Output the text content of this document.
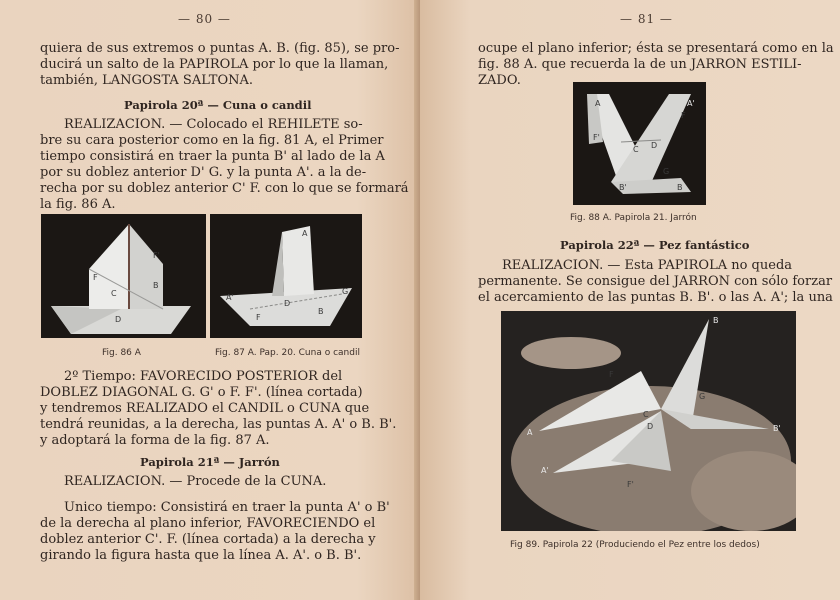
— 80 —
quiera de sus extremos o puntas A. B. (fig. 85), se pro-
ducirá un salto de la PAPIROLA por lo que la llaman,
también, LANGOSTA SALTONA.
Papirola 20ª — Cuna o candil
REALIZACION. — Colocado el REHILETE so-
bre su cara posterior como en la fig. 81 A, el Primer
tiempo consistirá en traer la punta B' al lado de la A
por su doblez anterior D' G. y la punta A'. a la de-
recha por su doblez anterior C' F. con lo que se formará
la fig. 86 A.
F
C
F'
B
D
A
A'
G
D
B
F
Fig. 86 A	Fig. 87 A. Pap. 20. Cuna o candil
2º Tiempo: FAVORECIDO POSTERIOR del
DOBLEZ DIAGONAL G. G' o F. F'. (línea cortada)
y tendremos REALIZADO el CANDIL o CUNA que
tendrá reunidas, a la derecha, las puntas A. A' o B. B'.
y adoptará la forma de la fig. 87 A.
Papirola 21ª — Jarrón
REALIZACION. — Procede de la CUNA.
Unico tiempo: Consistirá en traer la punta A' o B'
de la derecha al plano inferior, FAVORECIENDO el
doblez anterior C'. F. (línea cortada) a la derecha y
girando la figura hasta que la línea A. A'. o B. B'.
— 81 —
ocupe el plano inferior; ésta se presentará como en la
fig. 88 A. que recuerda la de un JARRON ESTILI-
ZADO.
A	A'
F
F'
C D
G
B'	B
Fig. 88 A. Papirola 21. Jarrón
Papirola 22ª — Pez fantástico
REALIZACION. — Esta PAPIROLA no queda
permanente. Se consigue del JARRON con sólo forzar
el acercamiento de las puntas B. B'. o las A. A'; la una
B
F
G
C
D
A	B'
A'
F'
Fig 89. Papirola 22 (Produciendo el Pez entre los dedos)
